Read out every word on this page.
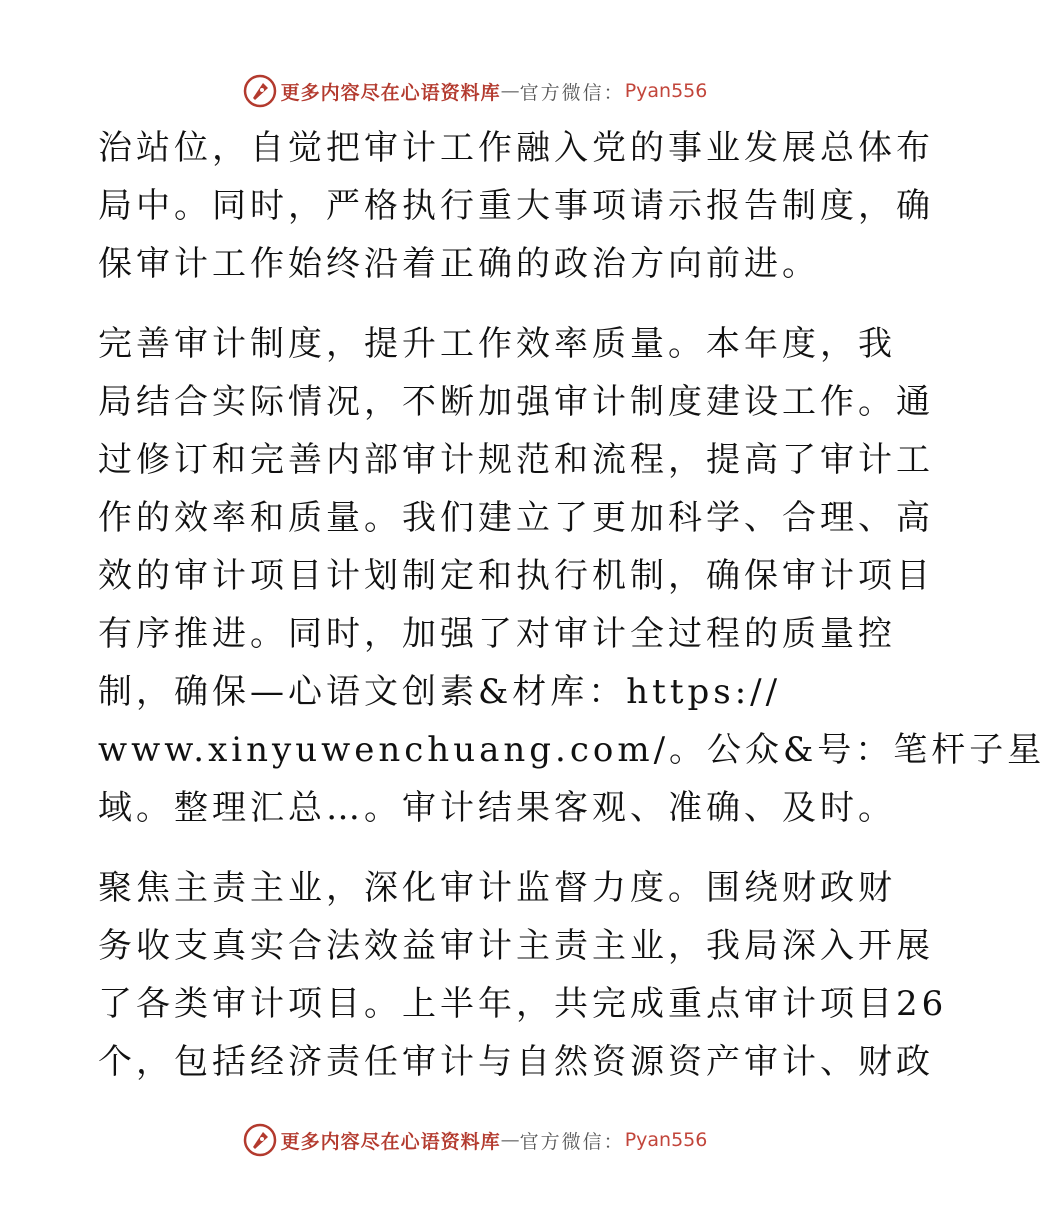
更多内容尽在心语资料库 — 官方微信： Pyan556
治站位，自觉把审计工作融入党的事业发展总体布
局中。同时，严格执行重大事项请示报告制度，确
保审计工作始终沿着正确的政治方向前进。
完善审计制度，提升工作效率质量。本年度，我
局结合实际情况，不断加强审计制度建设工作。通
过修订和完善内部审计规范和流程，提高了审计工
作的效率和质量。我们建立了更加科学、合理、高
效的审计项目计划制定和执行机制，确保审计项目
有序推进。同时，加强了对审计全过程的质量控
制，确保—心语文创素&材库：https://
www.xinyuwenchuang.com/。公众&号：笔杆子星
域。整理汇总…。审计结果客观、准确、及时。
聚焦主责主业，深化审计监督力度。围绕财政财
务收支真实合法效益审计主责主业，我局深入开展
了各类审计项目。上半年，共完成重点审计项目26
个，包括经济责任审计与自然资源资产审计、财政
更多内容尽在心语资料库 — 官方微信： Pyan556
